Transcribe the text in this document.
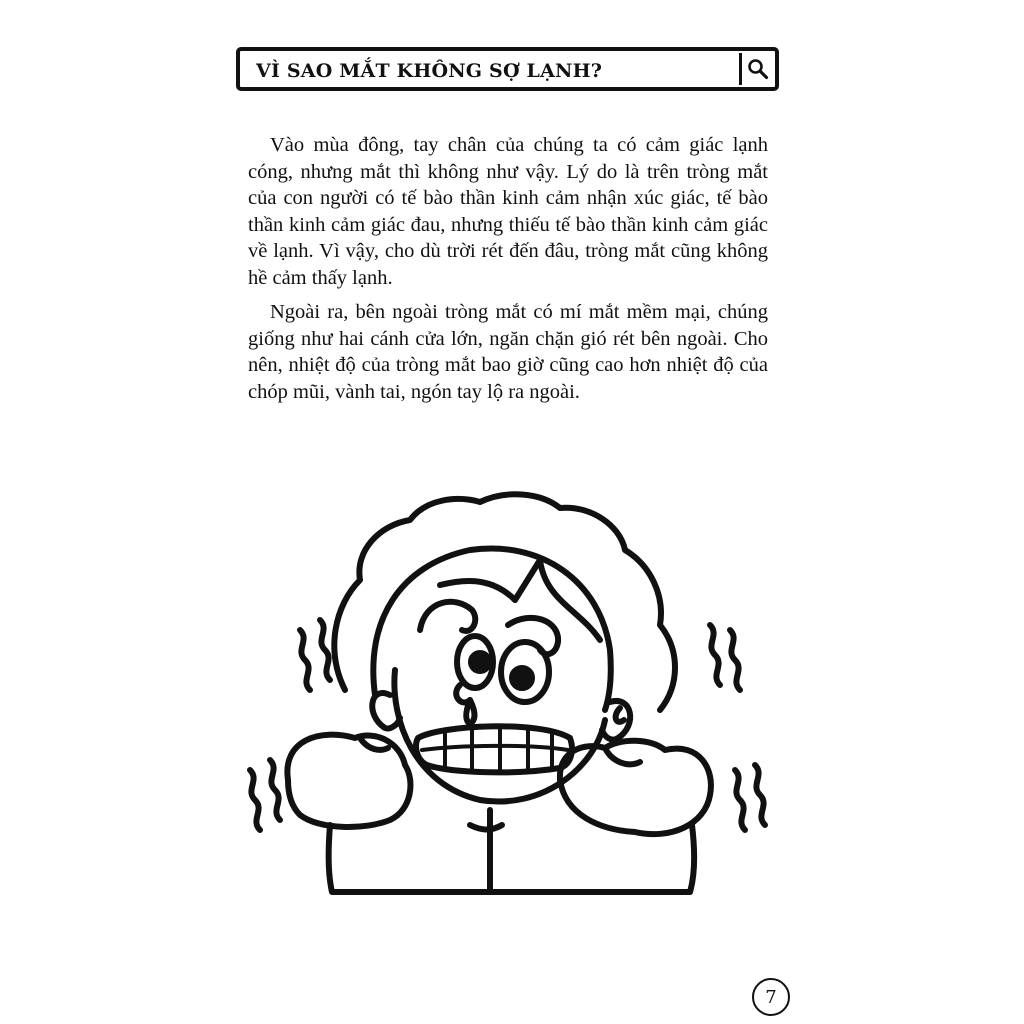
VÌ SAO MẮT KHÔNG SỢ LẠNH?

Vào mùa đông, tay chân của chúng ta có cảm giác lạnh cóng, nhưng mắt thì không như vậy. Lý do là trên tròng mắt của con người có tế bào thần kinh cảm nhận xúc giác, tế bào thần kinh cảm giác đau, nhưng thiếu tế bào thần kinh cảm giác về lạnh. Vì vậy, cho dù trời rét đến đâu, tròng mắt cũng không hề cảm thấy lạnh.

Ngoài ra, bên ngoài tròng mắt có mí mắt mềm mại, chúng giống như hai cánh cửa lớn, ngăn chặn gió rét bên ngoài. Cho nên, nhiệt độ của tròng mắt bao giờ cũng cao hơn nhiệt độ của chóp mũi, vành tai, ngón tay lộ ra ngoài.

7
